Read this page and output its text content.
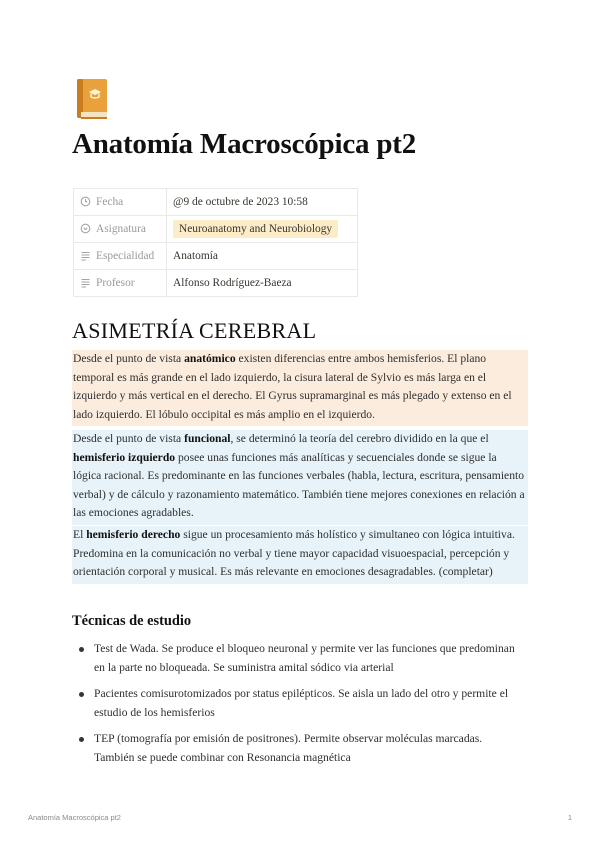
Anatomía Macroscópica pt2
Fecha	@9 de octubre de 2023 10:58
Asignatura	Neuroanatomy and Neurobiology
Especialidad	Anatomía
Profesor	Alfonso Rodríguez-Baeza
ASIMETRÍA CEREBRAL
Desde el punto de vista anatómico existen diferencias entre ambos hemisferios. El plano temporal es más grande en el lado izquierdo, la cisura lateral de Sylvio es más larga en el izquierdo y más vertical en el derecho. El Gyrus supramarginal es más plegado y extenso en el lado izquierdo. El lóbulo occipital es más amplio en el izquierdo.
Desde el punto de vista funcional, se determinó la teoría del cerebro dividido en la que el hemisferio izquierdo posee unas funciones más analíticas y secuenciales donde se sigue la lógica racional. Es predominante en las funciones verbales (habla, lectura, escritura, pensamiento verbal) y de cálculo y razonamiento matemático. También tiene mejores conexiones en relación a las emociones agradables.
El hemisferio derecho sigue un procesamiento más holístico y simultaneo con lógica intuitiva. Predomina en la comunicación no verbal y tiene mayor capacidad visuoespacial, percepción y orientación corporal y musical. Es más relevante en emociones desagradables. (completar)
Técnicas de estudio
Test de Wada. Se produce el bloqueo neuronal y permite ver las funciones que predominan en la parte no bloqueada. Se suministra amital sódico via arterial
Pacientes comisurotomizados por status epilépticos. Se aisla un lado del otro y permite el estudio de los hemisferios
TEP (tomografía por emisión de positrones). Permite observar moléculas marcadas. También se puede combinar con Resonancia magnética
Anatomía Macroscópica pt2	1
